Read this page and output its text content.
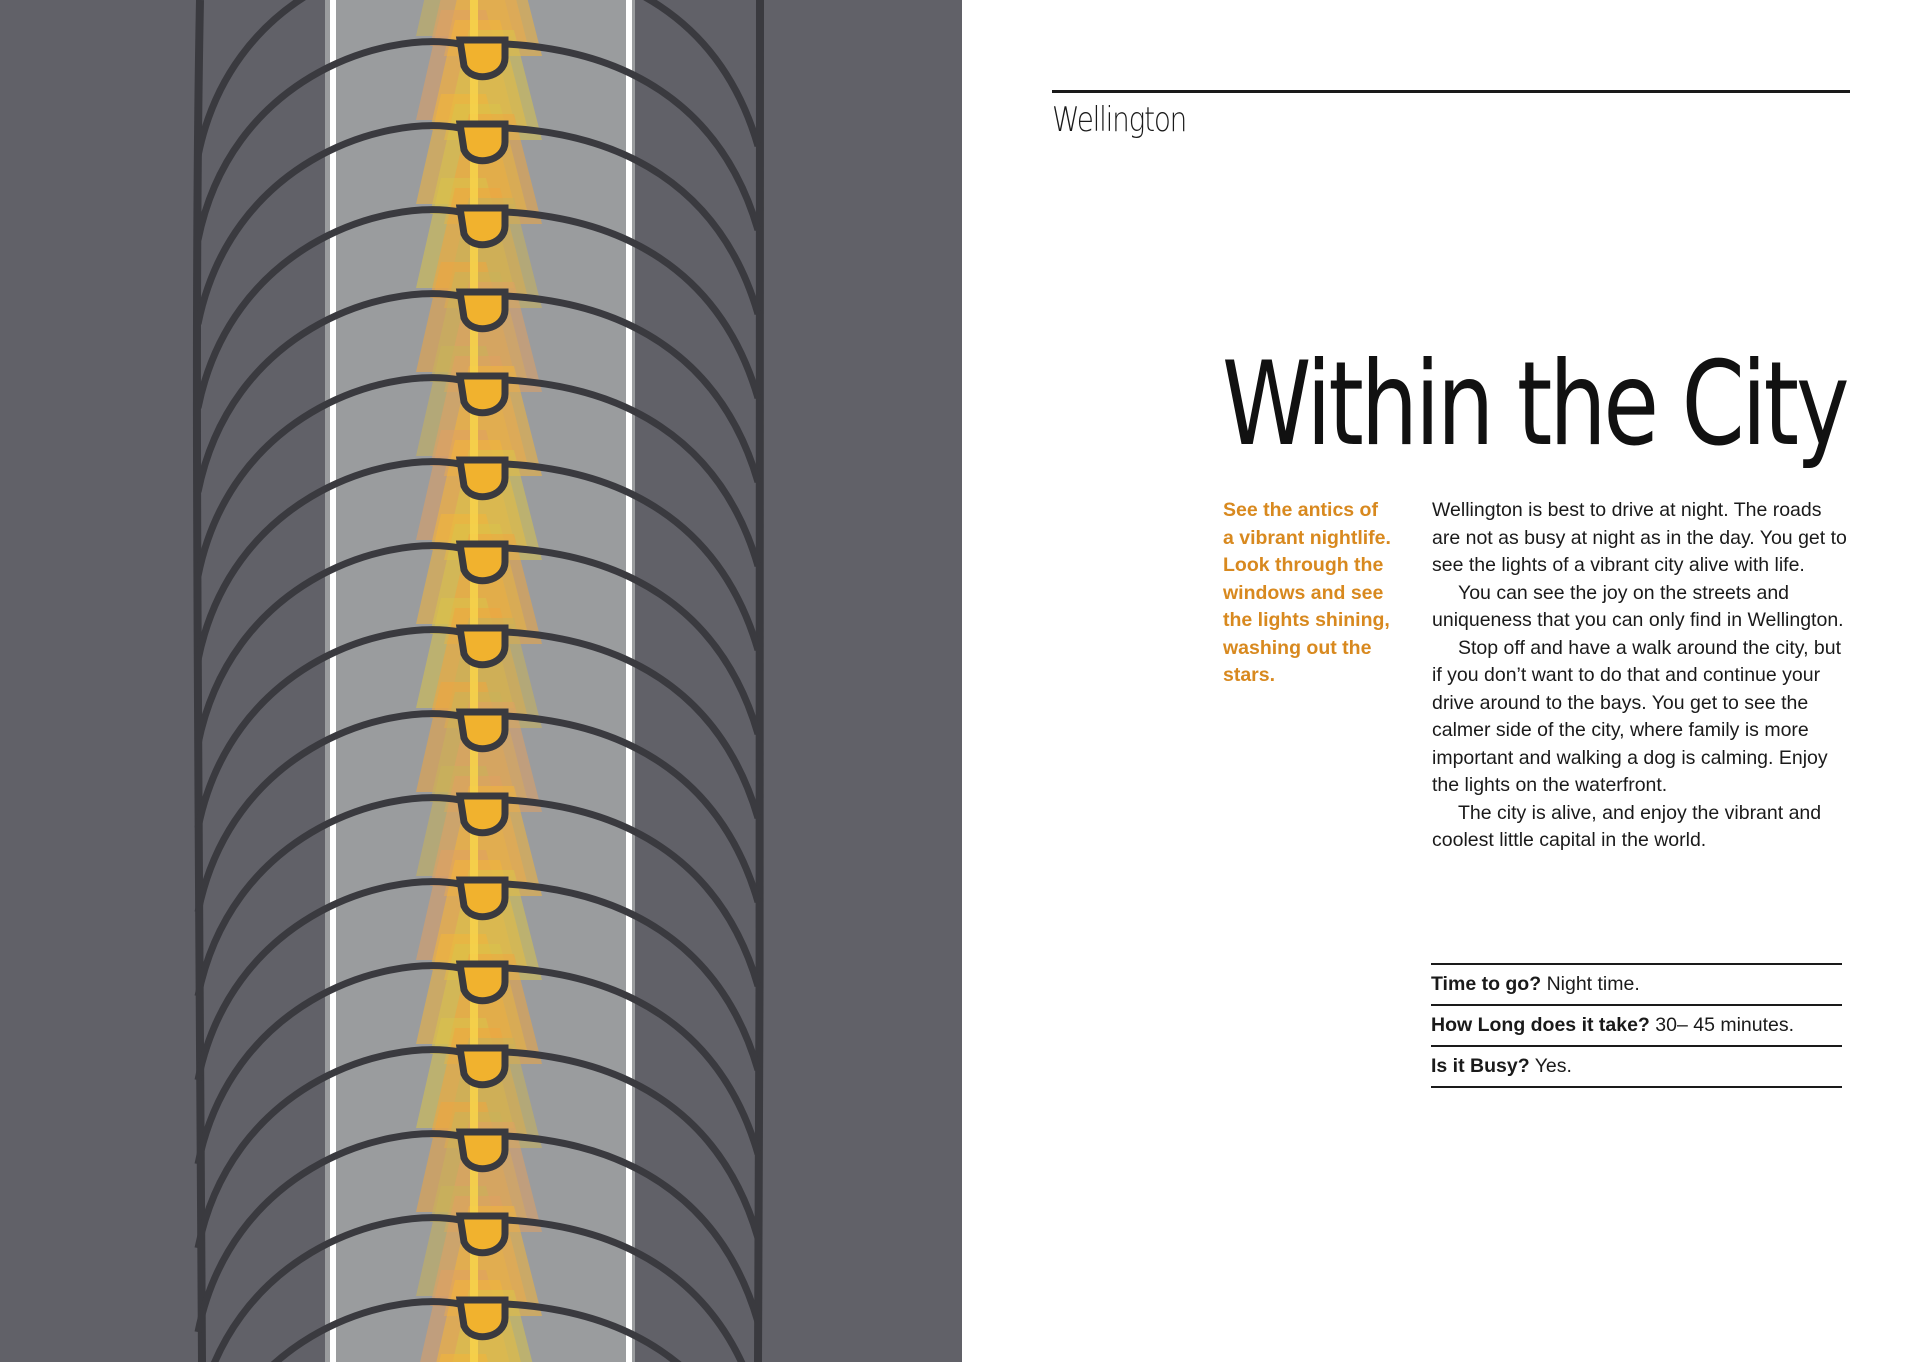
Wellington
Within the City

See the antics of

a vibrant nightlife.

Look through the

windows and see

the lights shining,

washing out the

stars.

Wellington is best to drive at night. The roads are not as busy at night as in the day. You get to see the lights of a vibrant city alive with life.

You can see the joy on the streets and uniqueness that you can only find in Wellington.

Stop off and have a walk around the city, but if you don’t want to do that and continue your drive around to the bays. You get to see the calmer side of the city, where family is more important and walking a dog is calming. Enjoy the lights on the waterfront.

The city is alive, and enjoy the vibrant and coolest little capital in the world.

Time to go? Night time.
How Long does it take? 30– 45 minutes.
Is it Busy? Yes.
